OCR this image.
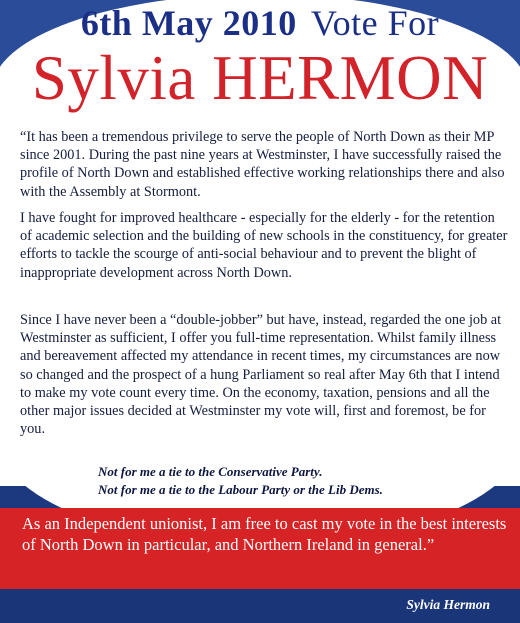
6th May 2010 Vote For
Sylvia HERMON

“It has been a tremendous privilege to serve the people of North Down as their MP since 2001. During the past nine years at Westminster, I have successfully raised the profile of North Down and established effective working relationships there and also with the Assembly at Stormont.

I have fought for improved healthcare - especially for the elderly - for the retention of academic selection and the building of new schools in the constituency, for greater efforts to tackle the scourge of anti-social behaviour and to prevent the blight of inappropriate development across North Down.

Since I have never been a “double-jobber” but have, instead, regarded the one job at Westminster as sufficient, I offer you full-time representation. Whilst family illness and bereavement affected my attendance in recent times, my circumstances are now so changed and the prospect of a hung Parliament so real after May 6th that I intend to make my vote count every time. On the economy, taxation, pensions and all the other major issues decided at Westminster my vote will, first and foremost, be for you.

Not for me a tie to the Conservative Party.

Not for me a tie to the Labour Party or the Lib Dems.

As an Independent unionist, I am free to cast my vote in the best interests of North Down in particular, and Northern Ireland in general.”

Sylvia Hermon
